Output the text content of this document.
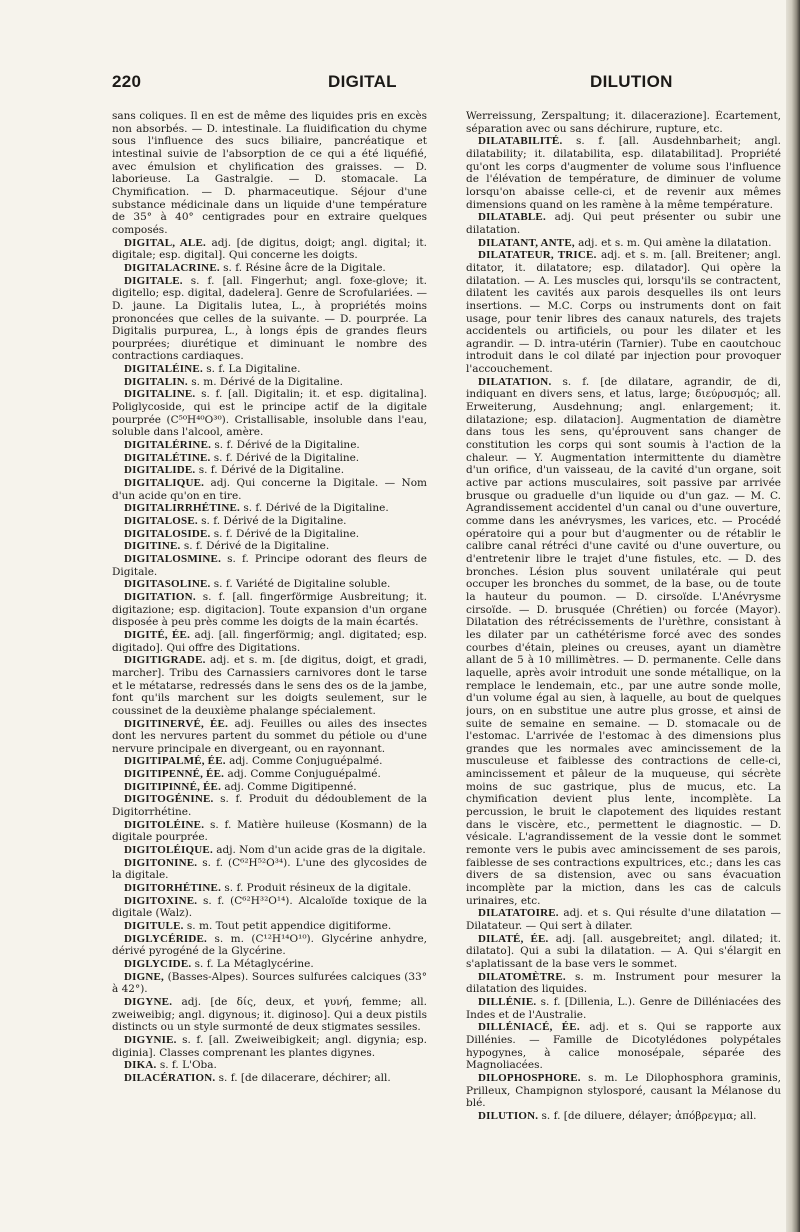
220	DIGITAL	DILUTION

sans coliques. Il en est de même des liquides pris en excès non absorbés. — D. intestinale. La fluidification du chyme sous l'influence des sucs biliaire, pancréatique et intestinal suivie de l'absorption de ce qui a été liquéfié, avec émulsion et chylification des graisses. — D. laborieuse. La Gastralgie. — D. stomacale. La Chymification. — D. pharmaceutique. Séjour d'une substance médicinale dans un liquide d'une température de 35° à 40° centigrades pour en extraire quelques composés.

DIGITAL, ALE. adj. [de digitus, doigt; angl. digital; it. digitale; esp. digital]. Qui concerne les doigts.

DIGITALACRINE. s. f. Résine âcre de la Digitale.

DIGITALE. s. f. [all. Fingerhut; angl. foxe-glove; it. digitello; esp. digital, dadelera]. Genre de Scrofulariées. — D. jaune. La Digitalis lutea, L., à propriétés moins prononcées que celles de la suivante. — D. pourprée. La Digitalis purpurea, L., à longs épis de grandes fleurs pourprées; diurétique et diminuant le nombre des contractions cardiaques.

DIGITALÉINE. s. f. La Digitaline.

DIGITALIN. s. m. Dérivé de la Digitaline.

DIGITALINE. s. f. [all. Digitalin; it. et esp. digitalina]. Poliglycoside, qui est le principe actif de la digitale pourprée (C⁵⁰H⁴⁰O³⁰). Cristallisable, insoluble dans l'eau, soluble dans l'alcool, amère.

DIGITALÉRINE. s. f. Dérivé de la Digitaline.

DIGITALÉTINE. s. f. Dérivé de la Digitaline.

DIGITALIDE. s. f. Dérivé de la Digitaline.

DIGITALIQUE. adj. Qui concerne la Digitale. — Nom d'un acide qu'on en tire.

DIGITALIRRHÉTINE. s. f. Dérivé de la Digitaline.

DIGITALOSE. s. f. Dérivé de la Digitaline.

DIGITALOSIDE. s. f. Dérivé de la Digitaline.

DIGITINE. s. f. Dérivé de la Digitaline.

DIGITALOSMINE. s. f. Principe odorant des fleurs de Digitale.

DIGITASOLINE. s. f. Variété de Digitaline soluble.

DIGITATION. s. f. [all. fingerförmige Ausbreitung; it. digitazione; esp. digitacion]. Toute expansion d'un organe disposée à peu près comme les doigts de la main écartés.

DIGITÉ, ÉE. adj. [all. fingerförmig; angl. digitated; esp. digitado]. Qui offre des Digitations.

DIGITIGRADE. adj. et s. m. [de digitus, doigt, et gradi, marcher]. Tribu des Carnassiers carnivores dont le tarse et le métatarse, redressés dans le sens des os de la jambe, font qu'ils marchent sur les doigts seulement, sur le coussinet de la deuxième phalange spécialement.

DIGITINERVÉ, ÉE. adj. Feuilles ou ailes des insectes dont les nervures partent du sommet du pétiole ou d'une nervure principale en divergeant, ou en rayonnant.

DIGITIPALMÉ, ÉE. adj. Comme Conjuguépalmé.

DIGITIPENNÉ, ÉE. adj. Comme Conjuguépalmé.

DIGITIPINNÉ, ÉE. adj. Comme Digitipenné.

DIGITOGÉNINE. s. f. Produit du dédoublement de la Digitorrhétine.

DIGITOLÉINE. s. f. Matière huileuse (Kosmann) de la digitale pourprée.

DIGITOLÉIQUE. adj. Nom d'un acide gras de la digitale.

DIGITONINE. s. f. (C⁶²H⁵²O³⁴). L'une des glycosides de la digitale.

DIGITORHÉTINE. s. f. Produit résineux de la digitale.

DIGITOXINE. s. f. (C⁶²H³²O¹⁴). Alcaloïde toxique de la digitale (Walz).

DIGITULE. s. m. Tout petit appendice digitiforme.

DIGLYCÉRIDE. s. m. (C¹²H¹⁴O¹⁰). Glycérine anhydre, dérivé pyrogéné de la Glycérine.

DIGLYCIDE. s. f. La Métaglycérine.

DIGNE, (Basses-Alpes). Sources sulfurées calciques (33° à 42°).

DIGYNE. adj. [de δίς, deux, et γυνή, femme; all. zweiweibig; angl. digynous; it. diginoso]. Qui a deux pistils distincts ou un style surmonté de deux stigmates sessiles.

DIGYNIE. s. f. [all. Zweiweibigkeit; angl. digynia; esp. diginia]. Classes comprenant les plantes digynes.

DIKA. s. f. L'Oba.

DILACÉRATION. s. f. [de dilacerare, déchirer; all.

Werreissung, Zerspaltung; it. dilacerazione]. Écartement, séparation avec ou sans déchirure, rupture, etc.

DILATABILITÉ. s. f. [all. Ausdehnbarheit; angl. dilatability; it. dilatabilita, esp. dilatabilitad]. Propriété qu'ont les corps d'augmenter de volume sous l'influence de l'élévation de température, de diminuer de volume lorsqu'on abaisse celle-ci, et de revenir aux mêmes dimensions quand on les ramène à la même température.

DILATABLE. adj. Qui peut présenter ou subir une dilatation.

DILATANT, ANTE, adj. et s. m. Qui amène la dilatation.

DILATATEUR, TRICE. adj. et s. m. [all. Breitener; angl. ditator, it. dilatatore; esp. dilatador]. Qui opère la dilatation. — A. Les muscles qui, lorsqu'ils se contractent, dilatent les cavités aux parois desquelles ils ont leurs insertions. — M.C. Corps ou instruments dont on fait usage, pour tenir libres des canaux naturels, des trajets accidentels ou artificiels, ou pour les dilater et les agrandir. — D. intra-utérin (Tarnier). Tube en caoutchouc introduit dans le col dilaté par injection pour provoquer l'accouchement.

DILATATION. s. f. [de dilatare, agrandir, de di, indiquant en divers sens, et latus, large; διεύρυσμός; all. Erweiterung, Ausdehnung; angl. enlargement; it. dilatazione; esp. dilatacion]. Augmentation de diamètre dans tous les sens, qu'éprouvent sans changer de constitution les corps qui sont soumis à l'action de la chaleur. — Y. Augmentation intermittente du diamètre d'un orifice, d'un vaisseau, de la cavité d'un organe, soit active par actions musculaires, soit passive par arrivée brusque ou graduelle d'un liquide ou d'un gaz. — M. C. Agrandissement accidentel d'un canal ou d'une ouverture, comme dans les anévrysmes, les varices, etc. — Procédé opératoire qui a pour but d'augmenter ou de rétablir le calibre canal rétréci d'une cavité ou d'une ouverture, ou d'entretenir libre le trajet d'une fistules, etc. — D. des bronches. Lésion plus souvent unilatérale qui peut occuper les bronches du sommet, de la base, ou de toute la hauteur du poumon. — D. cirsoïde. L'Anévrysme cirsoïde. — D. brusquée (Chrétien) ou forcée (Mayor). Dilatation des rétrécissements de l'urèthre, consistant à les dilater par un cathétérisme forcé avec des sondes courbes d'étain, pleines ou creuses, ayant un diamètre allant de 5 à 10 millimètres. — D. permanente. Celle dans laquelle, après avoir introduit une sonde métallique, on la remplace le lendemain, etc., par une autre sonde molle, d'un volume égal au sien, à laquelle, au bout de quelques jours, on en substitue une autre plus grosse, et ainsi de suite de semaine en semaine. — D. stomacale ou de l'estomac. L'arrivée de l'estomac à des dimensions plus grandes que les normales avec amincissement de la musculeuse et faiblesse des contractions de celle-ci, amincissement et pâleur de la muqueuse, qui sécrète moins de suc gastrique, plus de mucus, etc. La chymification devient plus lente, incomplète. La percussion, le bruit le clapotement des liquides restant dans le viscère, etc., permettent le diagnostic. — D. vésicale. L'agrandissement de la vessie dont le sommet remonte vers le pubis avec amincissement de ses parois, faiblesse de ses contractions expultrices, etc.; dans les cas divers de sa distension, avec ou sans évacuation incomplète par la miction, dans les cas de calculs urinaires, etc.

DILATATOIRE. adj. et s. Qui résulte d'une dilatation — Dilatateur. — Qui sert à dilater.

DILATÉ, ÉE. adj. [all. ausgebreitet; angl. dilated; it. dilatato]. Qui a subi la dilatation. — A. Qui s'élargit en s'aplatissant de la base vers le sommet.

DILATOMÈTRE. s. m. Instrument pour mesurer la dilatation des liquides.

DILLÉNIE. s. f. [Dillenia, L.). Genre de Dilléniacées des Indes et de l'Australie.

DILLÉNIACÉ, ÉE. adj. et s. Qui se rapporte aux Dillénies. — Famille de Dicotylédones polypétales hypogynes, à calice monosépale, séparée des Magnoliacées.

DILOPHOSPHORE. s. m. Le Dilophosphora graminis, Prilleux, Champignon stylosporé, causant la Mélanose du blé.

DILUTION. s. f. [de diluere, délayer; ἀπόβρεγμα; all.
